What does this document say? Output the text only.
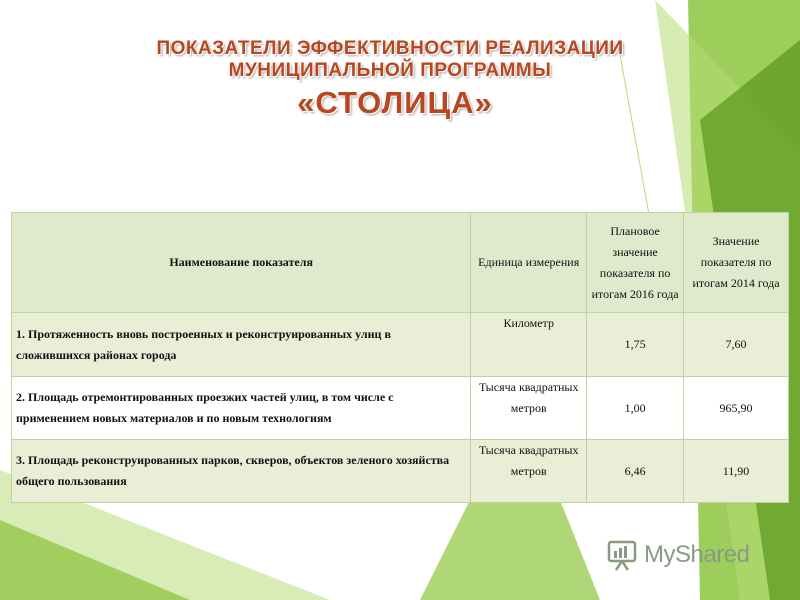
ПОКАЗАТЕЛИ ЭФФЕКТИВНОСТИ РЕАЛИЗАЦИИ
МУНИЦИПАЛЬНОЙ ПРОГРАММЫ
«СТОЛИЦА»
Наименование показателя	Единица измерения	Плановое значение показателя по итогам 2016 года	Значение показателя по итогам 2014 года
1. Протяженность вновь построенных и реконструированных улиц в сложившихся районах города	Километр	1,75	7,60
2. Площадь отремонтированных проезжих частей улиц, в том числе с применением новых материалов и по новым технологиям	Тысяча квадратных метров	1,00	965,90
3. Площадь реконструированных парков, скверов, объектов зеленого хозяйства общего пользования	Тысяча квадратных метров	6,46	11,90
MyShared
